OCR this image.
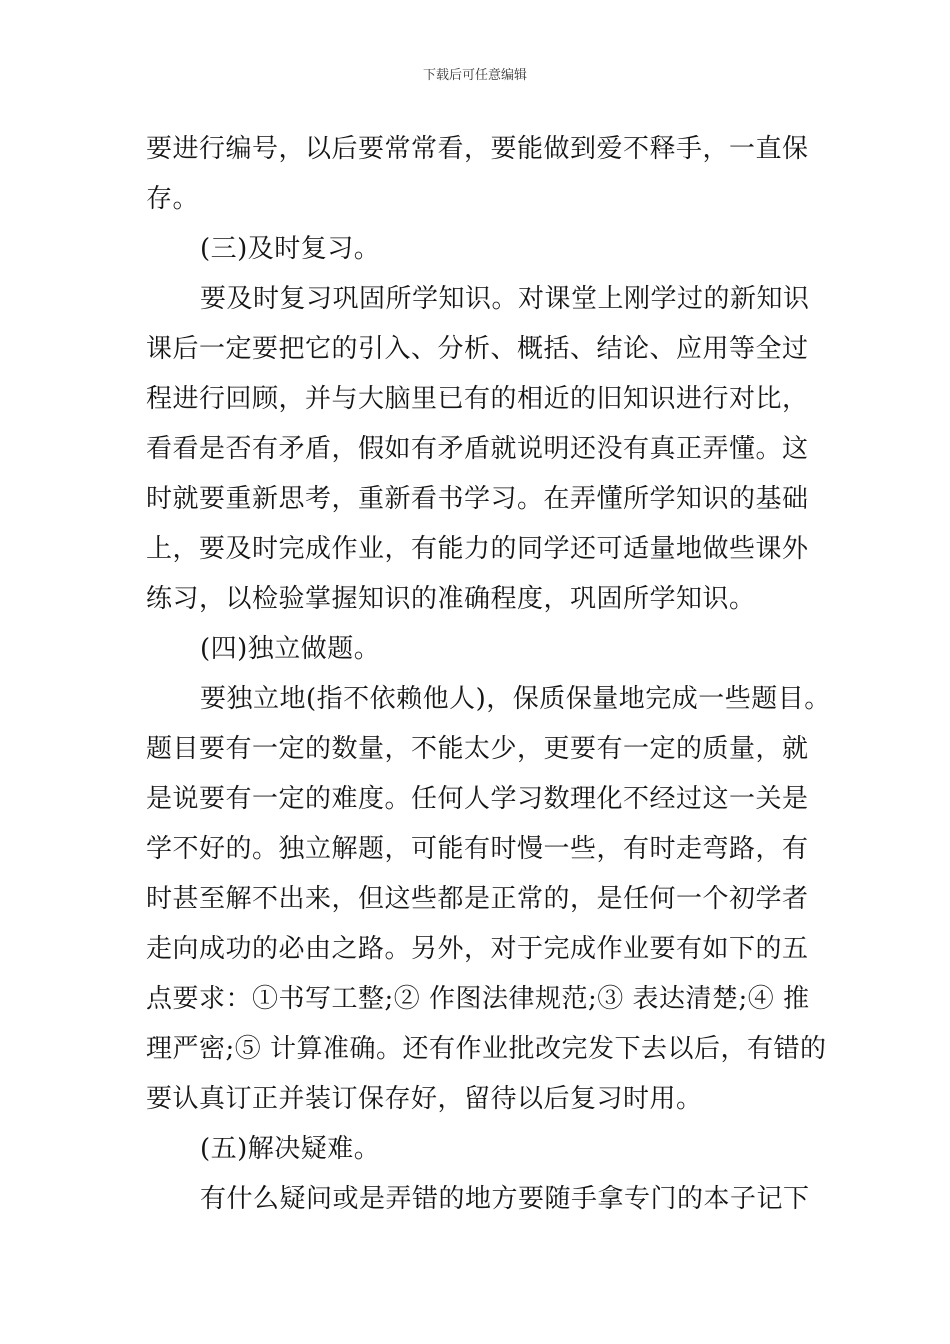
下载后可任意编辑
要进行编号，以后要常常看，要能做到爱不释手，一直保
存。
(三)及时复习。
要及时复习巩固所学知识。对课堂上刚学过的新知识
课后一定要把它的引入、分析、概括、结论、应用等全过
程进行回顾，并与大脑里已有的相近的旧知识进行对比，
看看是否有矛盾，假如有矛盾就说明还没有真正弄懂。这
时就要重新思考，重新看书学习。在弄懂所学知识的基础
上，要及时完成作业，有能力的同学还可适量地做些课外
练习，以检验掌握知识的准确程度，巩固所学知识。
(四)独立做题。
要独立地(指不依赖他人)，保质保量地完成一些题目。
题目要有一定的数量，不能太少，更要有一定的质量，就
是说要有一定的难度。任何人学习数理化不经过这一关是
学不好的。独立解题，可能有时慢一些，有时走弯路，有
时甚至解不出来，但这些都是正常的，是任何一个初学者
走向成功的必由之路。另外，对于完成作业要有如下的五
点要求：①书写工整;② 作图法律规范;③ 表达清楚;④ 推
理严密;⑤ 计算准确。还有作业批改完发下去以后，有错的
要认真订正并装订保存好，留待以后复习时用。
(五)解决疑难。
有什么疑问或是弄错的地方要随手拿专门的本子记下
